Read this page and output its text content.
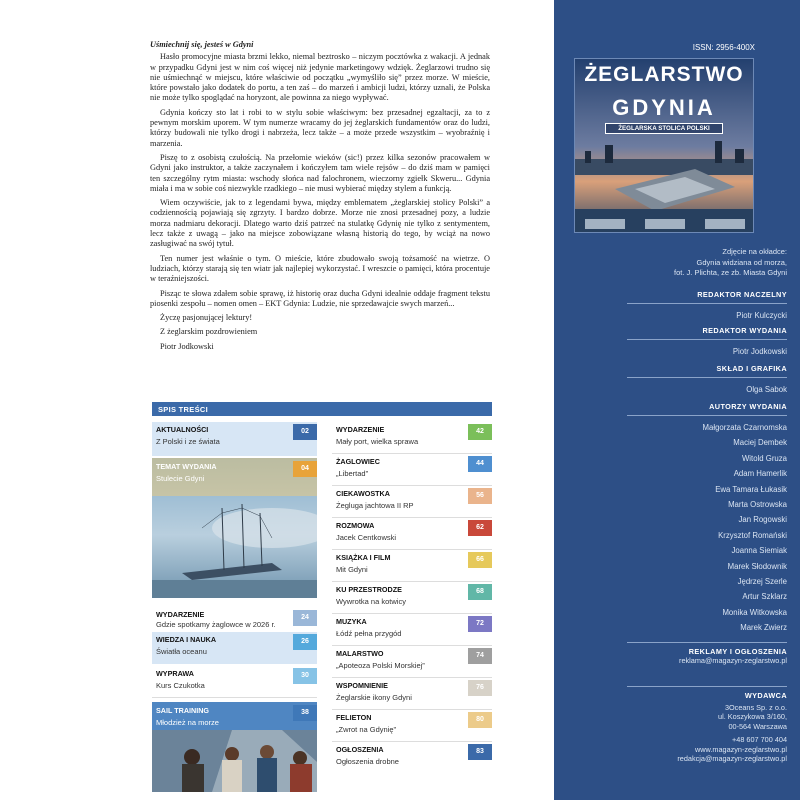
Uśmiechnij się, jesteś w Gdyni

Hasło promocyjne miasta brzmi lekko, niemal beztrosko – niczym pocztówka z wakacji. A jednak w przypadku Gdyni jest w nim coś więcej niż jedynie marketingowy wdzięk. Żeglarzowi trudno się nie uśmiechnąć w miejscu, które właściwie od początku „wymyśliło się” przez morze. W mieście, które powstało jako dodatek do portu, a ten zaś – do marzeń i ambicji ludzi, którzy uznali, że Polska nie może tylko spoglądać na horyzont, ale powinna za niego wypływać.

Gdynia kończy sto lat i robi to w stylu sobie właściwym: bez przesadnej egzaltacji, za to z pewnym morskim uporem. W tym numerze wracamy do jej żeglarskich fundamentów oraz do ludzi, którzy budowali nie tylko drogi i nabrzeża, lecz także – a może przede wszystkim – wyobraźnię i marzenia.

Piszę to z osobistą czułością. Na przełomie wieków (sic!) przez kilka sezonów pracowałem w Gdyni jako instruktor, a także zaczynałem i kończyłem tam wiele rejsów – do dziś mam w pamięci ten szczególny rytm miasta: wschody słońca nad falochronem, wieczorny zgiełk Skweru... Gdynia miała i ma w sobie coś niezwykle rzadkiego – nie musi wybierać między stylem a funkcją.

Wiem oczywiście, jak to z legendami bywa, między emblematem „żeglarskiej stolicy Polski” a codziennością pojawiają się zgrzyty. I bardzo dobrze. Morze nie znosi przesadnej pozy, a ludzie morza nadmiaru dekoracji. Dlatego warto dziś patrzeć na stulatkę Gdynię nie tylko z sentymentem, lecz także z uwagą – jako na miejsce zobowiązane własną historią do tego, by wciąż na nowo zasługiwać na swój tytuł.

Ten numer jest właśnie o tym. O mieście, które zbudowało swoją tożsamość na wietrze. O ludziach, którzy starają się ten wiatr jak najlepiej wykorzystać. I wreszcie o pamięci, która procentuje w teraźniejszości.

Pisząc te słowa zdałem sobie sprawę, iż historię oraz ducha Gdyni idealnie oddaje fragment tekstu piosenki zespołu – nomen omen – EKT Gdynia: Ludzie, nie sprzedawajcie swych marzeń...

Życzę pasjonującej lektury!
Z żeglarskim pozdrowieniem
Piotr Jodkowski
SPIS TREŚCI
AKTUALNOŚCI
Z Polski i ze świata
02
TEMAT WYDANIA
Stulecie Gdyni
04
WYDARZENIE
Gdzie spotkamy żaglowce w 2026 r.
24
WIEDZA I NAUKA
Światła oceanu
26
WYPRAWA
Kurs Czukotka
30
SAIL TRAINING
Młodzież na morze
38
WYDARZENIE
Mały port, wielka sprawa
42
ŻAGLOWIEC
„Libertad”
44
CIEKAWOSTKA
Żegluga jachtowa II RP
56
ROZMOWA
Jacek Centkowski
62
KSIĄŻKA I FILM
Mit Gdyni
66
KU PRZESTRODZE
Wywrotka na kotwicy
68
MUZYKA
Łódź pełna przygód
72
MALARSTWO
„Apoteoza Polski Morskiej”
74
WSPOMNIENIE
Żeglarskie ikony Gdyni
76
FELIETON
„Zwrot na Gdynię”
80
OGŁOSZENIA
Ogłoszenia drobne
83
ISSN: 2956-400X
ŻEGLARSTWO
GDYNIA
ŻEGLARSKA STOLICA POLSKI
Zdjęcie na okładce:
Gdynia widziana od morza,
fot. J. Plichta, ze zb. Miasta Gdyni
REDAKTOR NACZELNY
Piotr Kulczycki
REDAKTOR WYDANIA
Piotr Jodkowski
SKŁAD I GRAFIKA
Olga Sabok
AUTORZY WYDANIA
Małgorzata Czarnomska
Maciej Dembek
Witold Gruza
Adam Hamerlik
Ewa Tamara Łukasik
Marta Ostrowska
Jan Rogowski
Krzysztof Romański
Joanna Siemiak
Marek Słodownik
Jędrzej Szerle
Artur Szklarz
Monika Witkowska
Marek Zwierz
REKLAMY I OGŁOSZENIA
reklama@magazyn-zeglarstwo.pl
WYDAWCA
3Oceans Sp. z o.o.
ul. Koszykowa 3/160,
00-564 Warszawa
+48 607 700 404
www.magazyn-zeglarstwo.pl
redakcja@magazyn-zeglarstwo.pl
